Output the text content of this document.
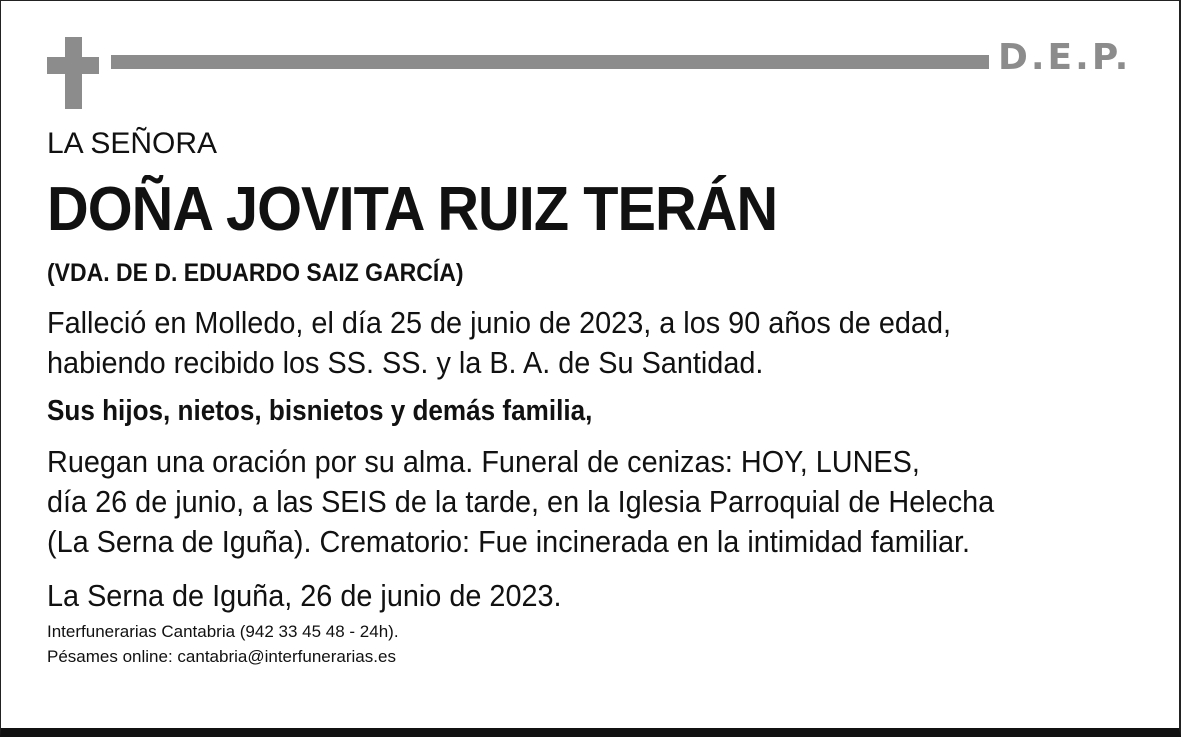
D.E.P.
LA SEÑORA
DOÑA JOVITA RUIZ TERÁN
(VDA. DE D. EDUARDO SAIZ GARCÍA)
Falleció en Molledo, el día 25 de junio de 2023, a los 90 años de edad,
habiendo recibido los SS. SS. y la B. A. de Su Santidad.
Sus hijos, nietos, bisnietos y demás familia,
Ruegan una oración por su alma. Funeral de cenizas: HOY, LUNES,
día 26 de junio, a las SEIS de la tarde, en la Iglesia Parroquial de Helecha
(La Serna de Iguña). Crematorio: Fue incinerada en la intimidad familiar.
La Serna de Iguña, 26 de junio de 2023.
Interfunerarias Cantabria (942 33 45 48 - 24h).
Pésames online: cantabria@interfunerarias.es
